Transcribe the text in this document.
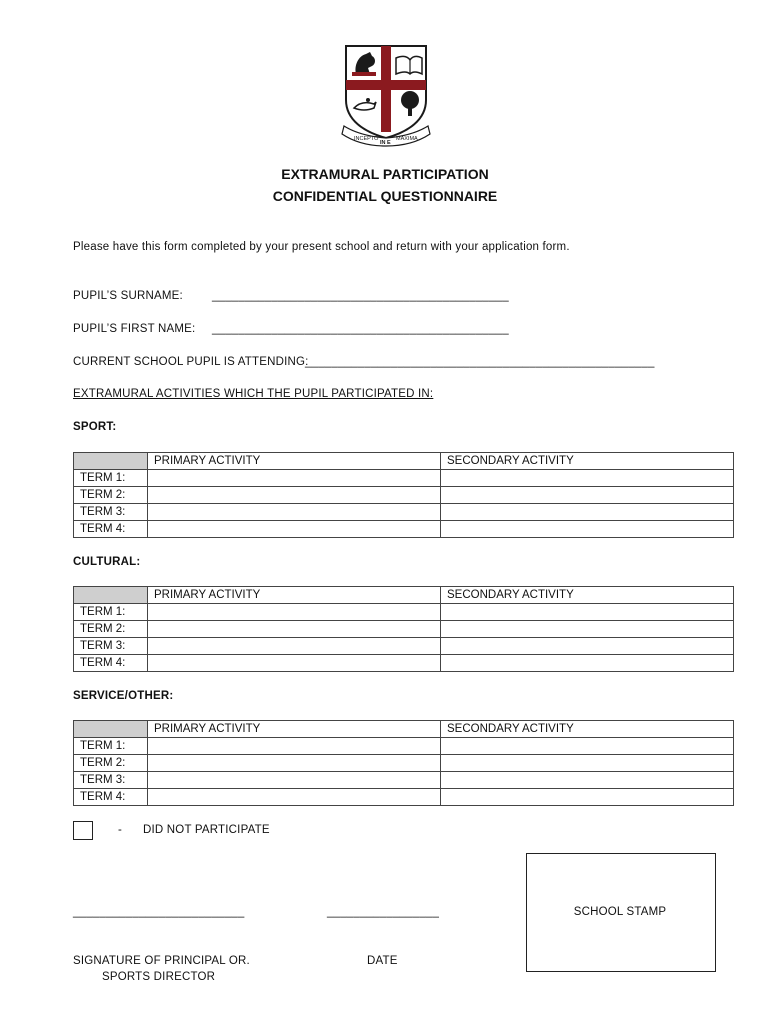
INCEPTO
IN E
MAXIMA
EXTRAMURAL PARTICIPATION
CONFIDENTIAL QUESTIONNAIRE
Please have this form completed by your present school and return with your application form.
PUPIL’S SURNAME:	_____________________________________________
PUPIL’S FIRST NAME: _____________________________________________
CURRENT SCHOOL PUPIL IS ATTENDING:
_____________________________________________________
EXTRAMURAL ACTIVITIES WHICH THE PUPIL PARTICIPATED IN:
SPORT:
	PRIMARY ACTIVITY	SECONDARY ACTIVITY
TERM 1:		
TERM 2:		
TERM 3:		
TERM 4:		
CULTURAL:
	PRIMARY ACTIVITY	SECONDARY ACTIVITY
TERM 1:		
TERM 2:		
TERM 3:		
TERM 4:		
SERVICE/OTHER:
	PRIMARY ACTIVITY	SECONDARY ACTIVITY
TERM 1:		
TERM 2:		
TERM 3:		
TERM 4:		
- DID NOT PARTICIPATE
__________________________	_________________
SIGNATURE OF PRINCIPAL OR.
SPORTS DIRECTOR
DATE
SCHOOL STAMP
